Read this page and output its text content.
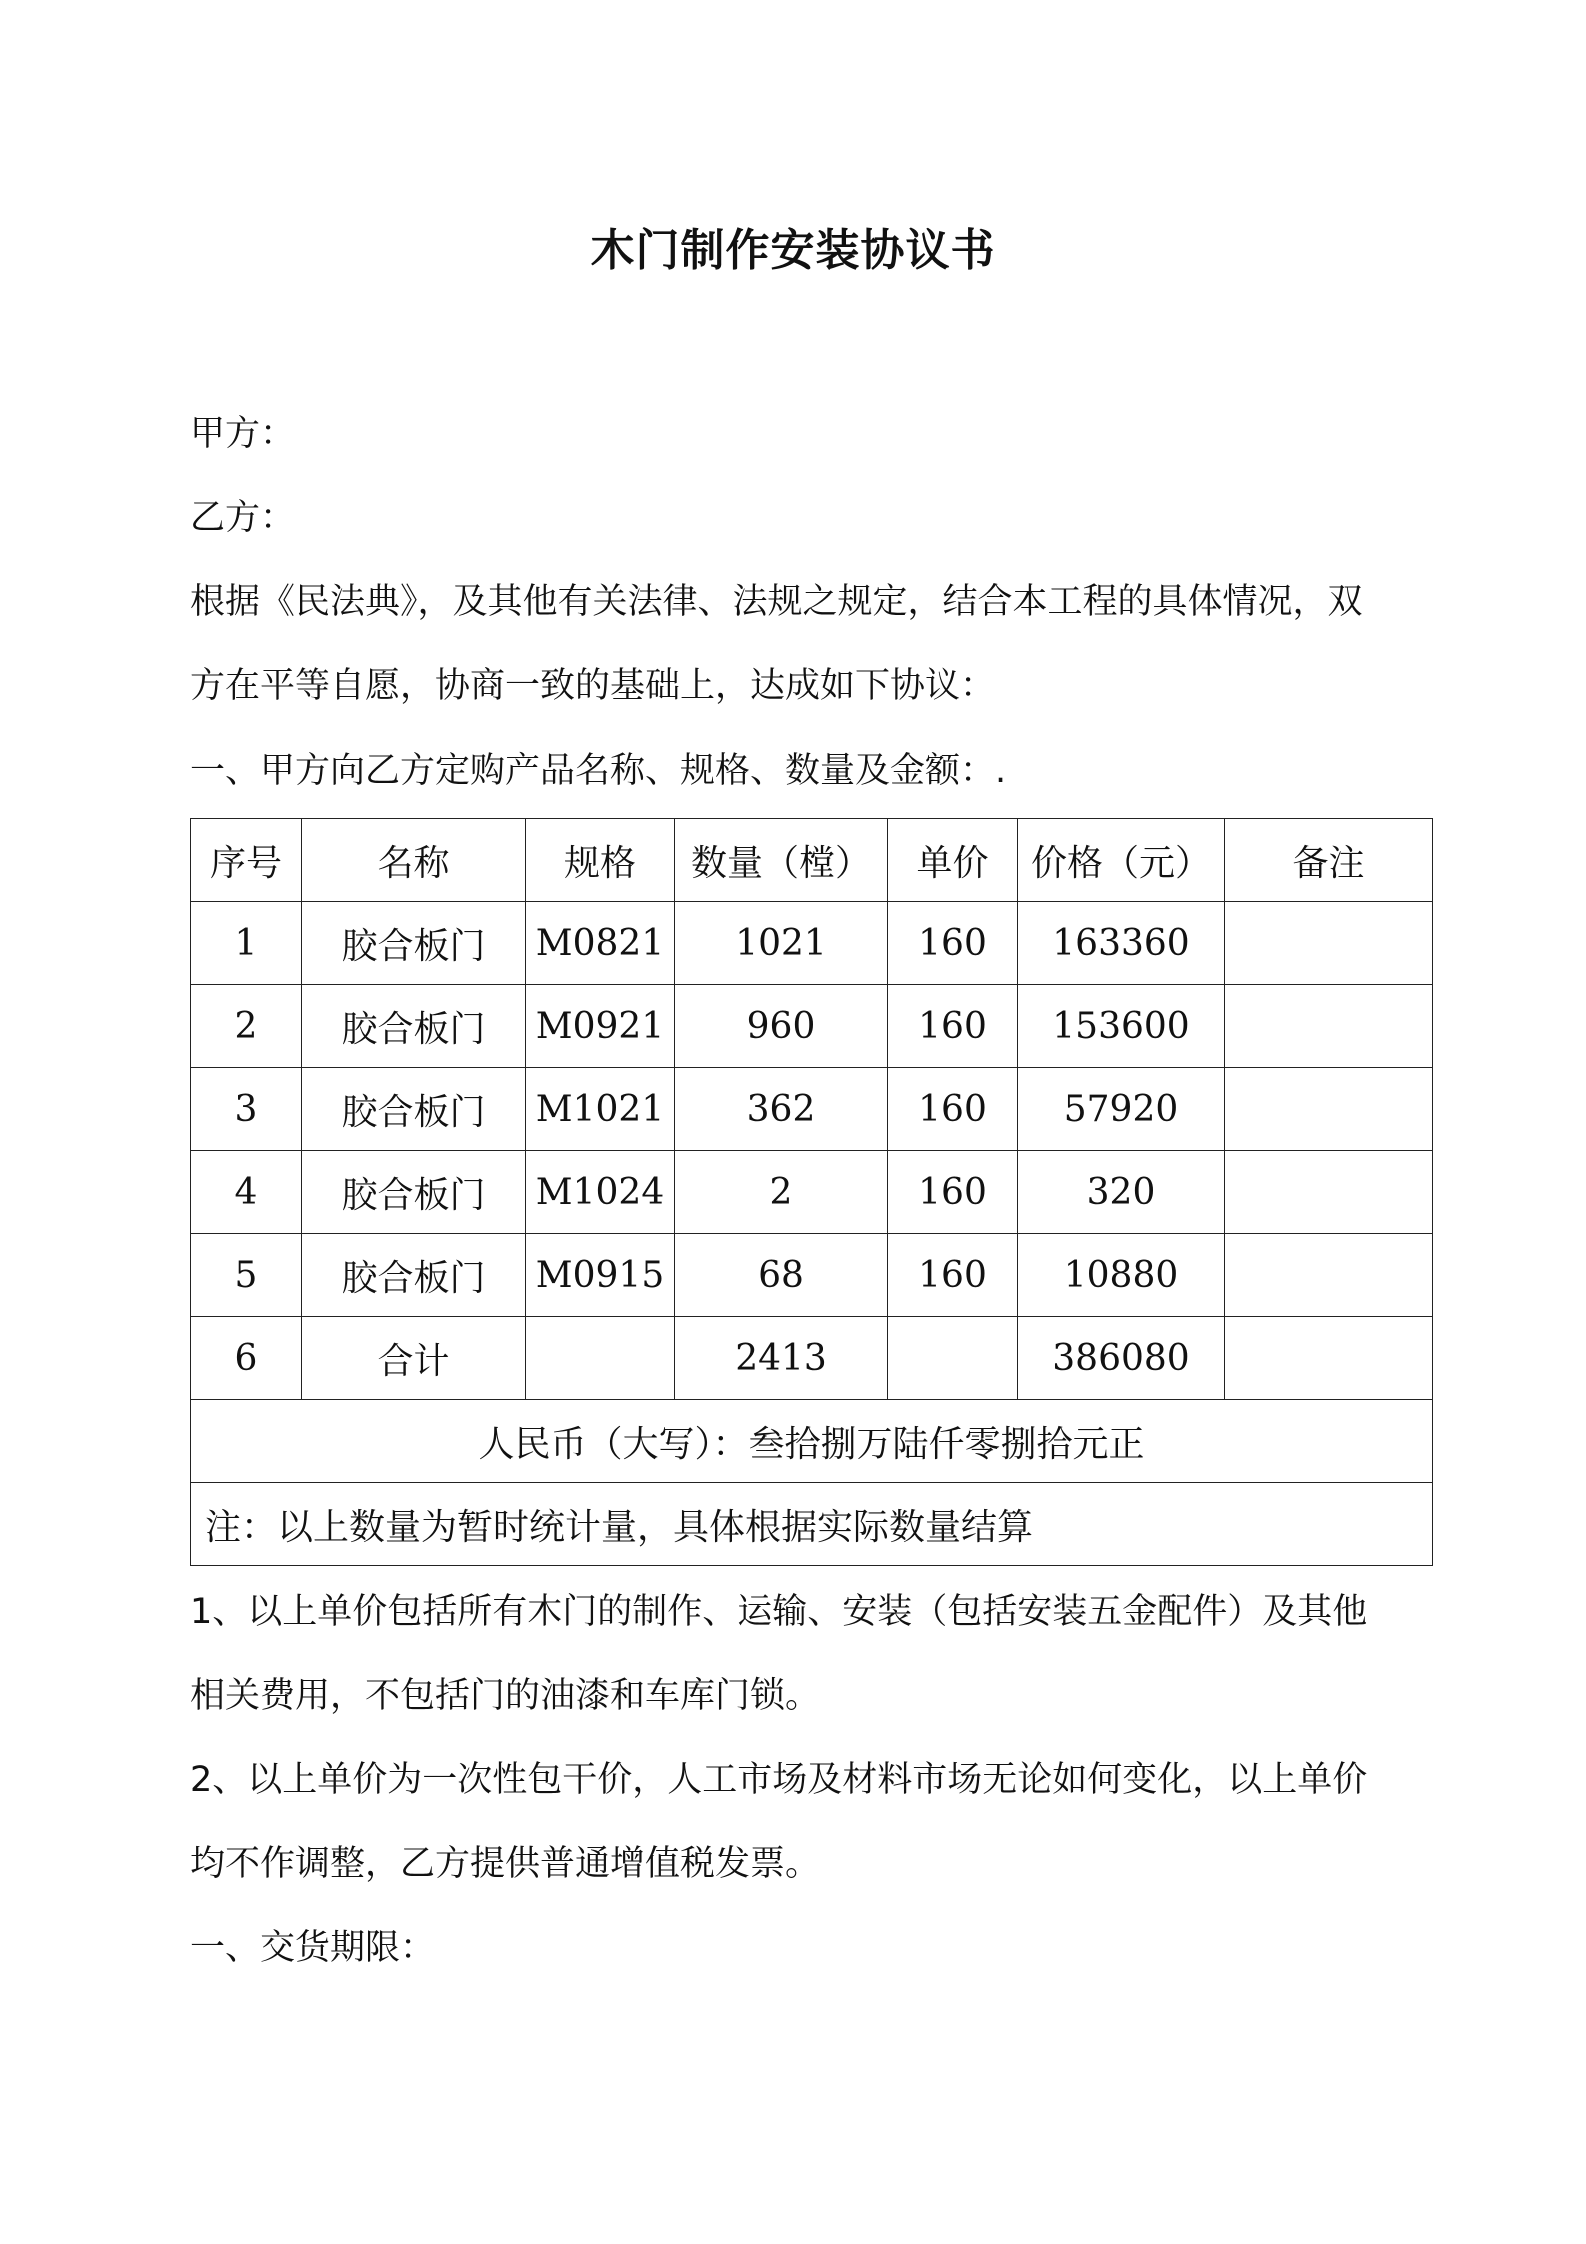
木门制作安装协议书
甲方：
乙方：
根据《民法典》，及其他有关法律、法规之规定，结合本工程的具体情况，双
方在平等自愿，协商一致的基础上，达成如下协议：
一、甲方向乙方定购产品名称、规格、数量及金额：.
序号	名称	规格	数量（樘）	单价	价格（元）	备注
1	胶合板门	M0821	1021	160	163360	
2	胶合板门	M0921	960	160	153600	
3	胶合板门	M1021	362	160	57920	
4	胶合板门	M1024	2	160	320	
5	胶合板门	M0915	68	160	10880	
6	合计		2413		386080	
人民币（大写）：叁拾捌万陆仟零捌拾元正						
注：以上数量为暂时统计量，具体根据实际数量结算						
1、以上单价包括所有木门的制作、运输、安装（包括安装五金配件）及其他
相关费用，不包括门的油漆和车库门锁。
2、以上单价为一次性包干价，人工市场及材料市场无论如何变化，以上单价
均不作调整，乙方提供普通增值税发票。
一、交货期限：
